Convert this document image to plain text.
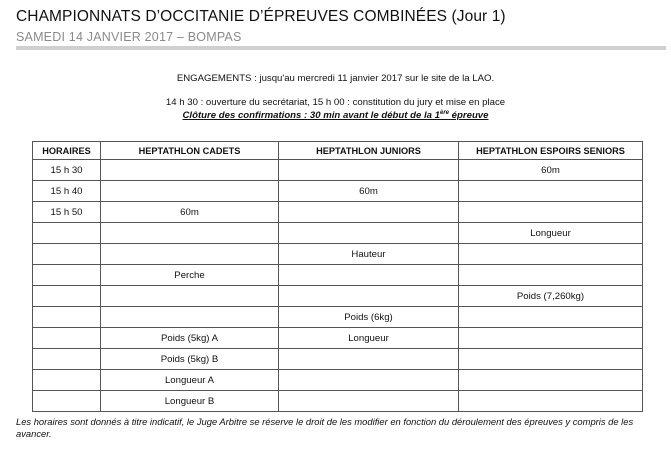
CHAMPIONNATS D’OCCITANIE D’ÉPREUVES COMBINÉES (Jour 1)
SAMEDI 14 JANVIER 2017 – BOMPAS
ENGAGEMENTS : jusqu'au mercredi 11 janvier 2017 sur le site de la LAO.
14 h 30 : ouverture du secrétariat, 15 h 00 : constitution du jury et mise en place
Clôture des confirmations : 30 min avant le début de la 1ère épreuve
HORAIRES	HEPTATHLON CADETS	HEPTATHLON JUNIORS	HEPTATHLON ESPOIRS SENIORS
15 h 30			60m
15 h 40		60m	
15 h 50	60m		
			Longueur
		Hauteur	
	Perche		
			Poids (7,260kg)
		Poids (6kg)	
	Poids (5kg) A	Longueur	
	Poids (5kg) B		
	Longueur A		
	Longueur B		
Les horaires sont donnés à titre indicatif, le Juge Arbitre se réserve le droit de les modifier en fonction du déroulement des épreuves y compris de les avancer.
